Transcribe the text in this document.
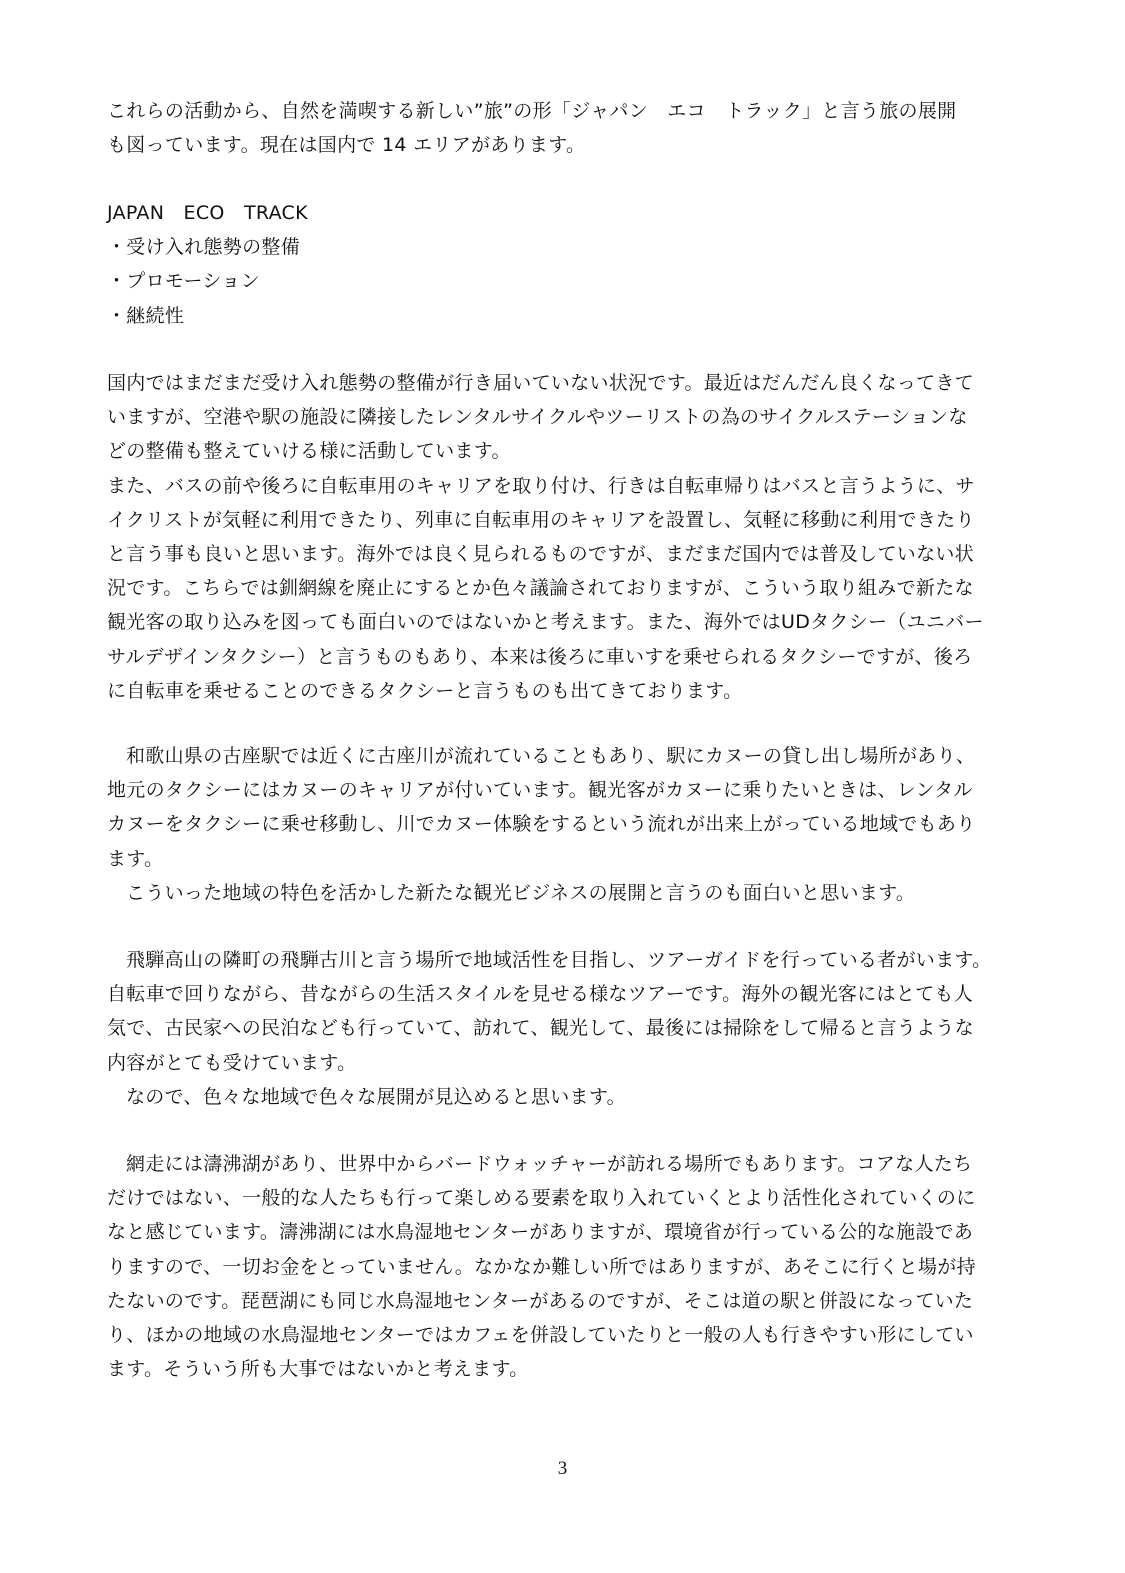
これらの活動から、自然を満喫する新しい”旅”の形「ジャパン　エコ　トラック」と言う旅の展開
も図っています。現在は国内で 14 エリアがあります。
JAPAN　ECO　TRACK
・受け入れ態勢の整備
・プロモーション
・継続性
国内ではまだまだ受け入れ態勢の整備が行き届いていない状況です。最近はだんだん良くなってきて
いますが、空港や駅の施設に隣接したレンタルサイクルやツーリストの為のサイクルステーションな
どの整備も整えていける様に活動しています。
また、バスの前や後ろに自転車用のキャリアを取り付け、行きは自転車帰りはバスと言うように、サ
イクリストが気軽に利用できたり、列車に自転車用のキャリアを設置し、気軽に移動に利用できたり
と言う事も良いと思います。海外では良く見られるものですが、まだまだ国内では普及していない状
況です。こちらでは釧網線を廃止にするとか色々議論されておりますが、こういう取り組みで新たな
観光客の取り込みを図っても面白いのではないかと考えます。また、海外ではUDタクシー（ユニバー
サルデザインタクシー）と言うものもあり、本来は後ろに車いすを乗せられるタクシーですが、後ろ
に自転車を乗せることのできるタクシーと言うものも出てきております。
和歌山県の古座駅では近くに古座川が流れていることもあり、駅にカヌーの貸し出し場所があり、
地元のタクシーにはカヌーのキャリアが付いています。観光客がカヌーに乗りたいときは、レンタル
カヌーをタクシーに乗せ移動し、川でカヌー体験をするという流れが出来上がっている地域でもあり
ます。
こういった地域の特色を活かした新たな観光ビジネスの展開と言うのも面白いと思います。
飛騨高山の隣町の飛騨古川と言う場所で地域活性を目指し、ツアーガイドを行っている者がいます。
自転車で回りながら、昔ながらの生活スタイルを見せる様なツアーです。海外の観光客にはとても人
気で、古民家への民泊なども行っていて、訪れて、観光して、最後には掃除をして帰ると言うような
内容がとても受けています。
なので、色々な地域で色々な展開が見込めると思います。
網走には濤沸湖があり、世界中からバードウォッチャーが訪れる場所でもあります。コアな人たち
だけではない、一般的な人たちも行って楽しめる要素を取り入れていくとより活性化されていくのに
なと感じています。濤沸湖には水鳥湿地センターがありますが、環境省が行っている公的な施設であ
りますので、一切お金をとっていません。なかなか難しい所ではありますが、あそこに行くと場が持
たないのです。琵琶湖にも同じ水鳥湿地センターがあるのですが、そこは道の駅と併設になっていた
り、ほかの地域の水鳥湿地センターではカフェを併設していたりと一般の人も行きやすい形にしてい
ます。そういう所も大事ではないかと考えます。
3
